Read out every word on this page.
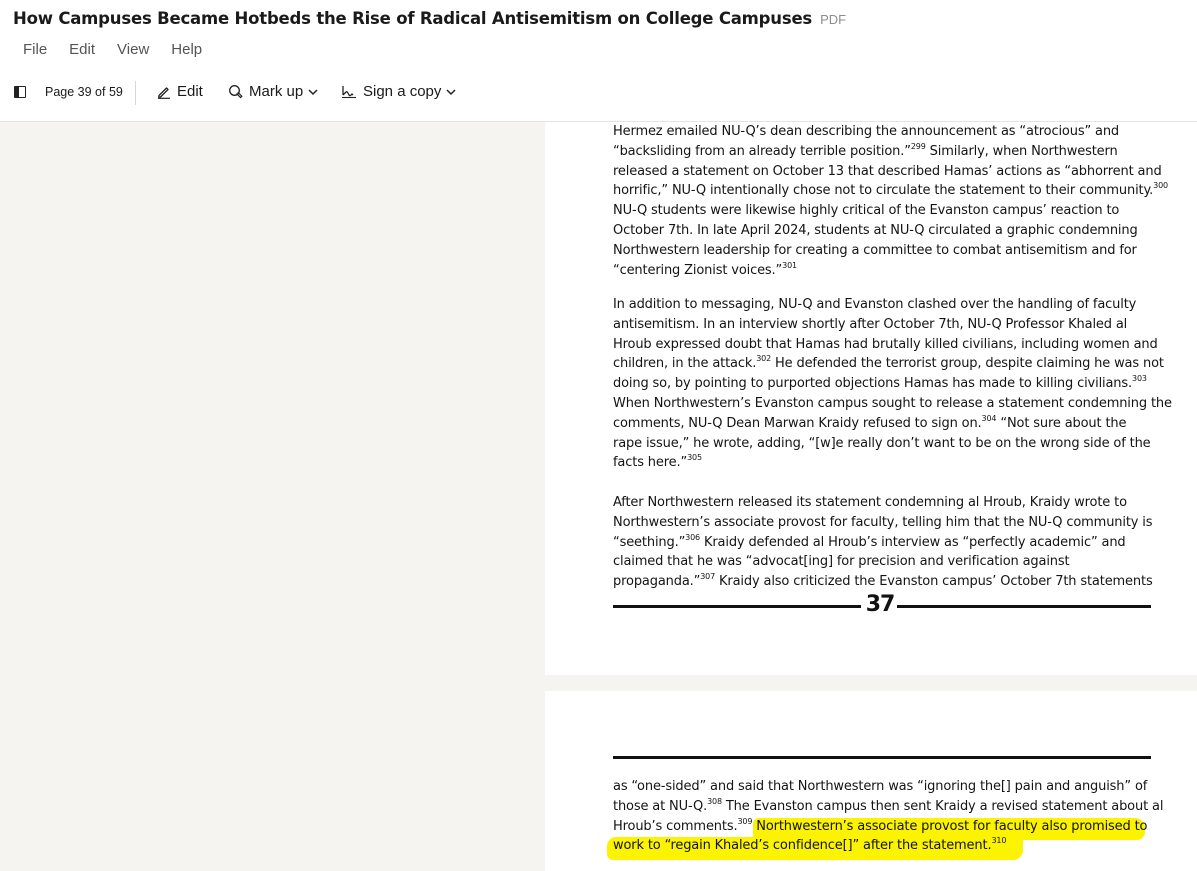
How Campuses Became Hotbeds the Rise of Radical Antisemitism on College Campuses PDF
File	Edit	View	Help
Page 39 of 59	Edit	Mark up	Sign a copy
Hermez emailed NU-Q’s dean describing the announcement as “atrocious” and
“backsliding from an already terrible position.”$^{299}$ Similarly, when Northwestern
released a statement on October 13 that described Hamas’ actions as “abhorrent and
horrific,” NU-Q intentionally chose not to circulate the statement to their community.$^{300}$
NU-Q students were likewise highly critical of the Evanston campus’ reaction to
October 7th. In late April 2024, students at NU-Q circulated a graphic condemning
Northwestern leadership for creating a committee to combat antisemitism and for
“centering Zionist voices.”$^{301}$
In addition to messaging, NU-Q and Evanston clashed over the handling of faculty
antisemitism. In an interview shortly after October 7th, NU-Q Professor Khaled al
Hroub expressed doubt that Hamas had brutally killed civilians, including women and
children, in the attack.$^{302}$ He defended the terrorist group, despite claiming he was not
doing so, by pointing to purported objections Hamas has made to killing civilians.$^{303}$
When Northwestern’s Evanston campus sought to release a statement condemning the
comments, NU-Q Dean Marwan Kraidy refused to sign on.$^{304}$ “Not sure about the
rape issue,” he wrote, adding, “[w]e really don’t want to be on the wrong side of the
facts here.”$^{305}$
After Northwestern released its statement condemning al Hroub, Kraidy wrote to
Northwestern’s associate provost for faculty, telling him that the NU-Q community is
“seething.”$^{306}$ Kraidy defended al Hroub’s interview as “perfectly academic” and
claimed that he was “advocat[ing] for precision and verification against
propaganda.”$^{307}$ Kraidy also criticized the Evanston campus’ October 7th statements
37
as “one-sided” and said that Northwestern was “ignoring the[] pain and anguish” of
those at NU-Q.$^{308}$ The Evanston campus then sent Kraidy a revised statement about al
Hroub’s comments.$^{309}$ Northwestern’s associate provost for faculty also promised to
work to “regain Khaled’s confidence[]” after the statement.$^{310}$
